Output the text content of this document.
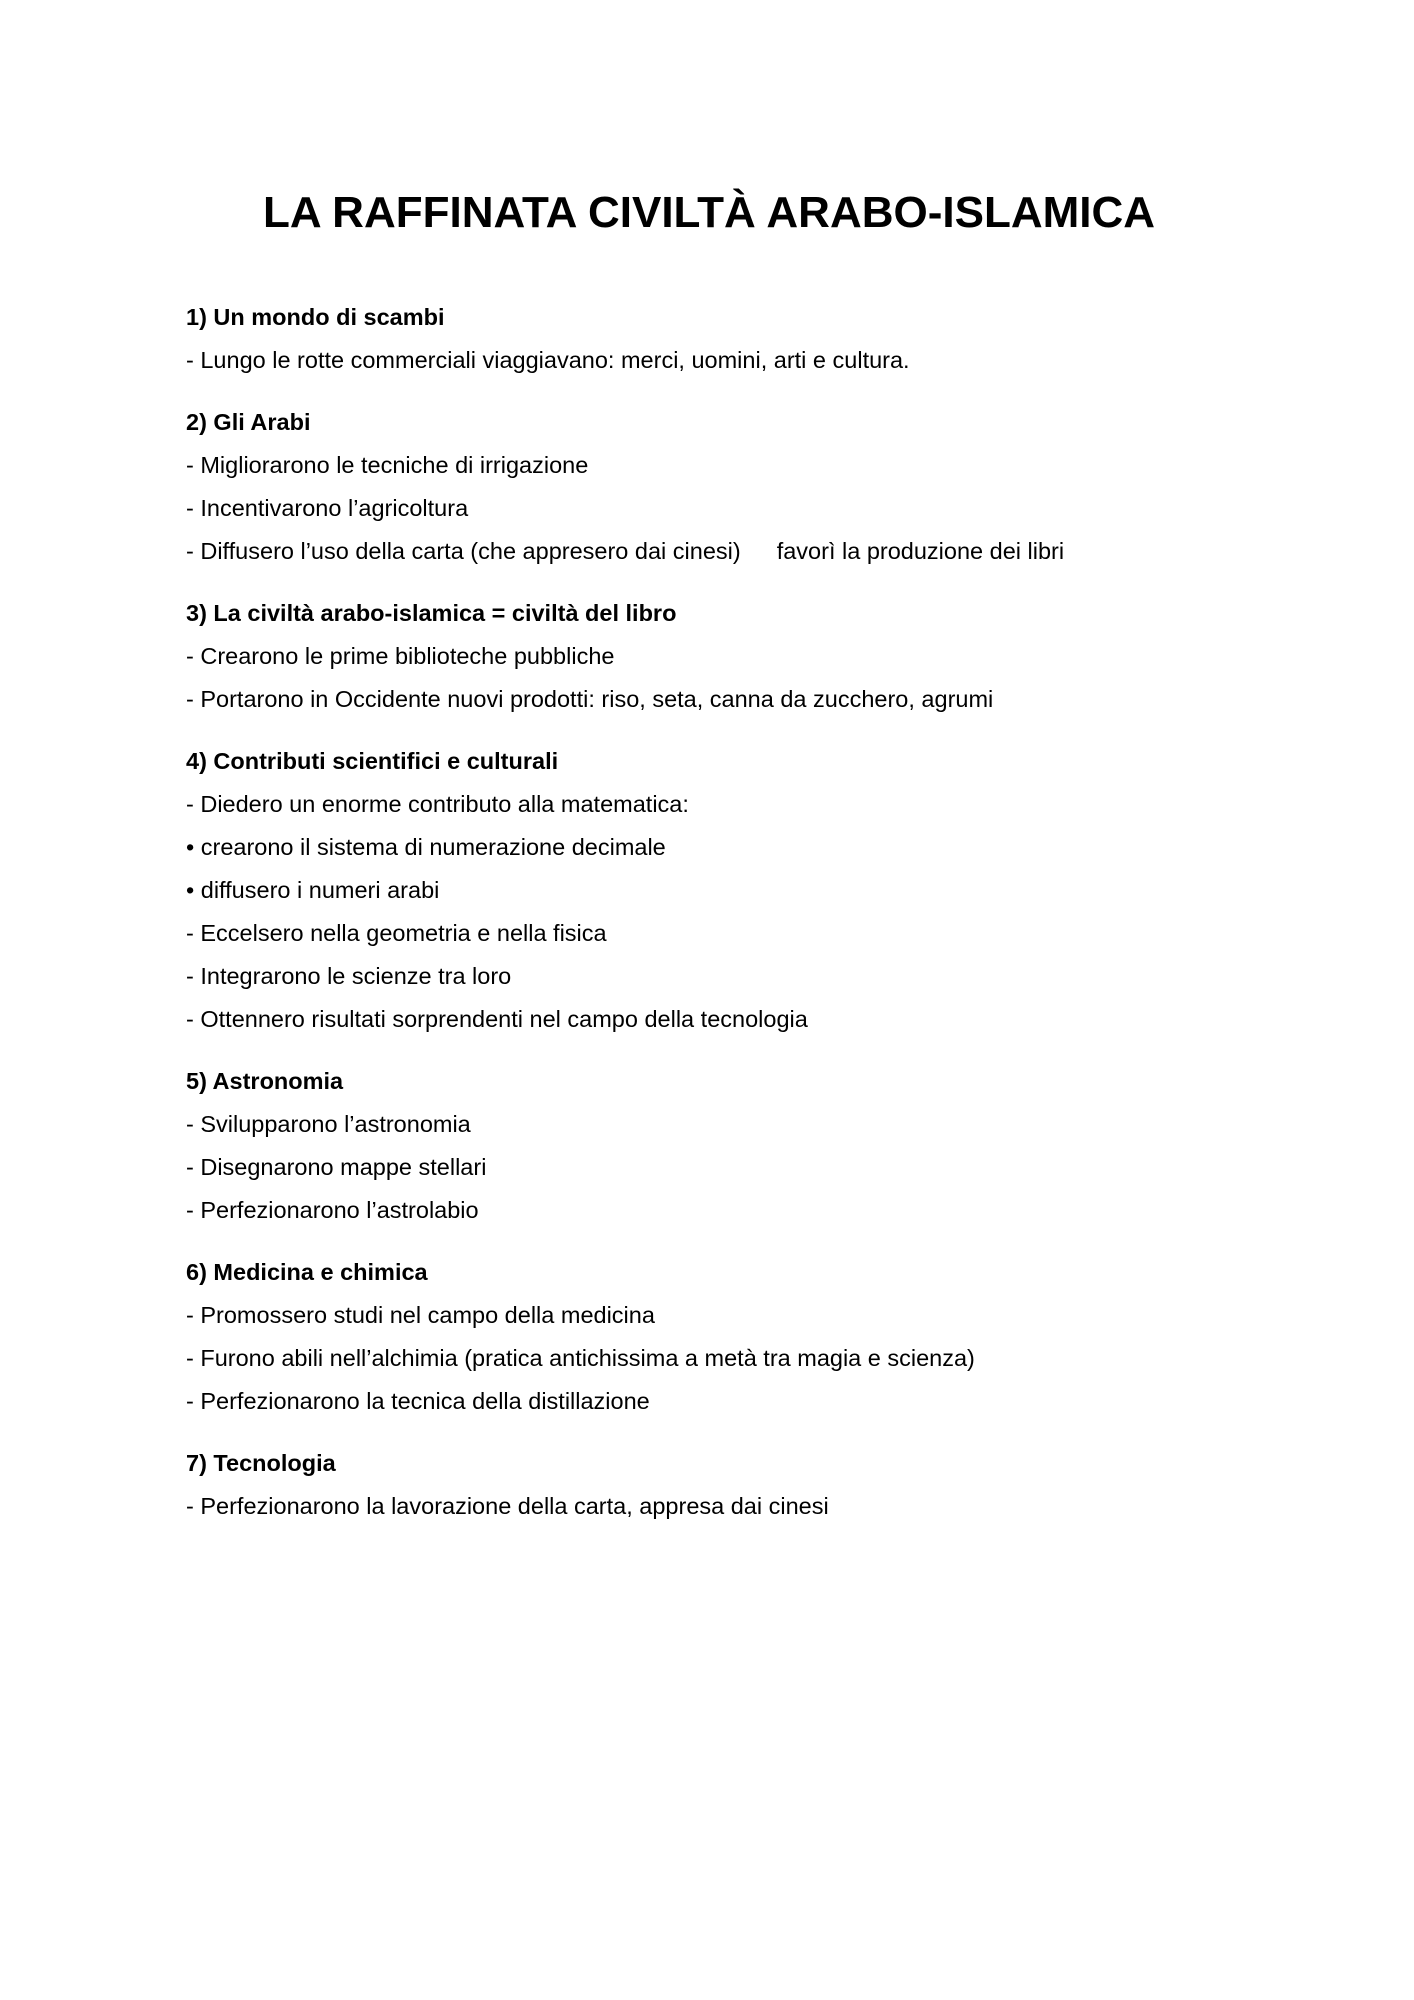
LA RAFFINATA CIVILTÀ ARABO-ISLAMICA

1) Un mondo di scambi

- Lungo le rotte commerciali viaggiavano: merci, uomini, arti e cultura.

2) Gli Arabi

- Migliorarono le tecniche di irrigazione

- Incentivarono l’agricoltura

- Diffusero l’uso della carta (che appresero dai cinesi) favorì la produzione dei libri

3) La civiltà arabo-islamica = civiltà del libro

- Crearono le prime biblioteche pubbliche

- Portarono in Occidente nuovi prodotti: riso, seta, canna da zucchero, agrumi

4) Contributi scientifici e culturali

- Diedero un enorme contributo alla matematica:

• crearono il sistema di numerazione decimale

• diffusero i numeri arabi

- Eccelsero nella geometria e nella fisica

- Integrarono le scienze tra loro

- Ottennero risultati sorprendenti nel campo della tecnologia

5) Astronomia

- Svilupparono l’astronomia

- Disegnarono mappe stellari

- Perfezionarono l’astrolabio

6) Medicina e chimica

- Promossero studi nel campo della medicina

- Furono abili nell’alchimia (pratica antichissima a metà tra magia e scienza)

- Perfezionarono la tecnica della distillazione

7) Tecnologia

- Perfezionarono la lavorazione della carta, appresa dai cinesi
